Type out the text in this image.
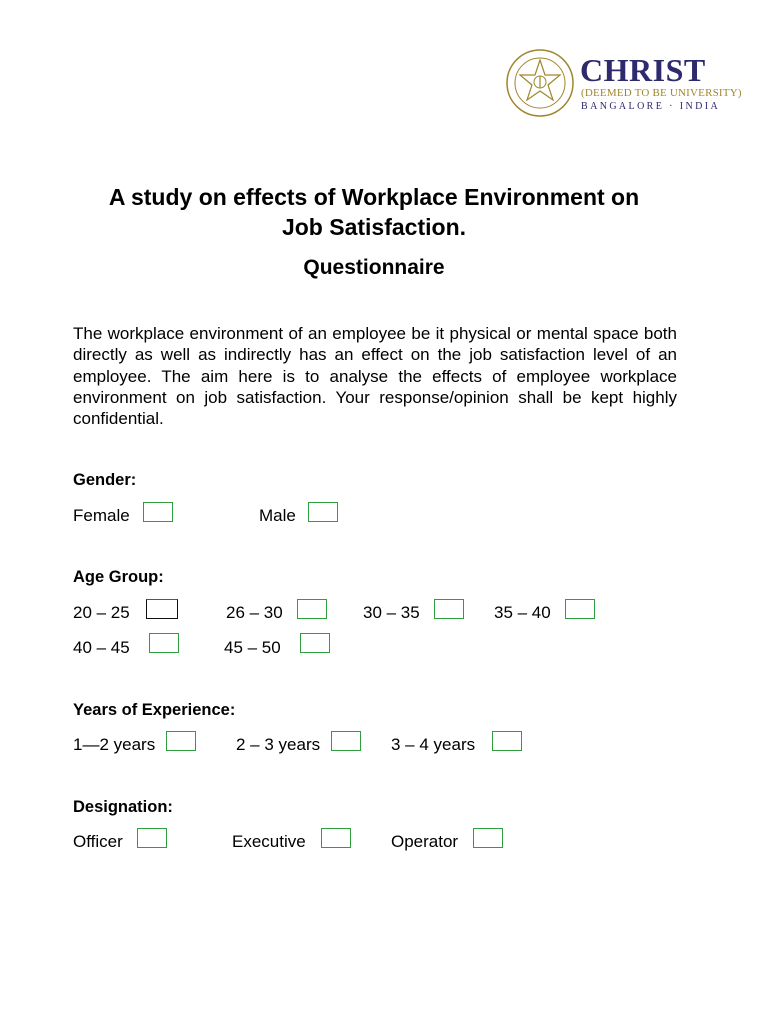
CHRIST
(DEEMED TO BE UNIVERSITY)
BANGALORE · INDIA
A study on effects of Workplace Environment on
Job Satisfaction.
Questionnaire
The workplace environment of an employee be it physical or mental space both directly as well as indirectly has an effect on the job satisfaction level of an employee. The aim here is to analyse the effects of employee workplace environment on job satisfaction. Your response/opinion shall be kept highly confidential.
Gender:
Female	Male
Age Group:
20 – 25	26 – 30	30 – 35	35 – 40
40 – 45	45 – 50
Years of Experience:
1—2 years	2 – 3 years	3 – 4 years
Designation:
Officer	Executive	Operator
